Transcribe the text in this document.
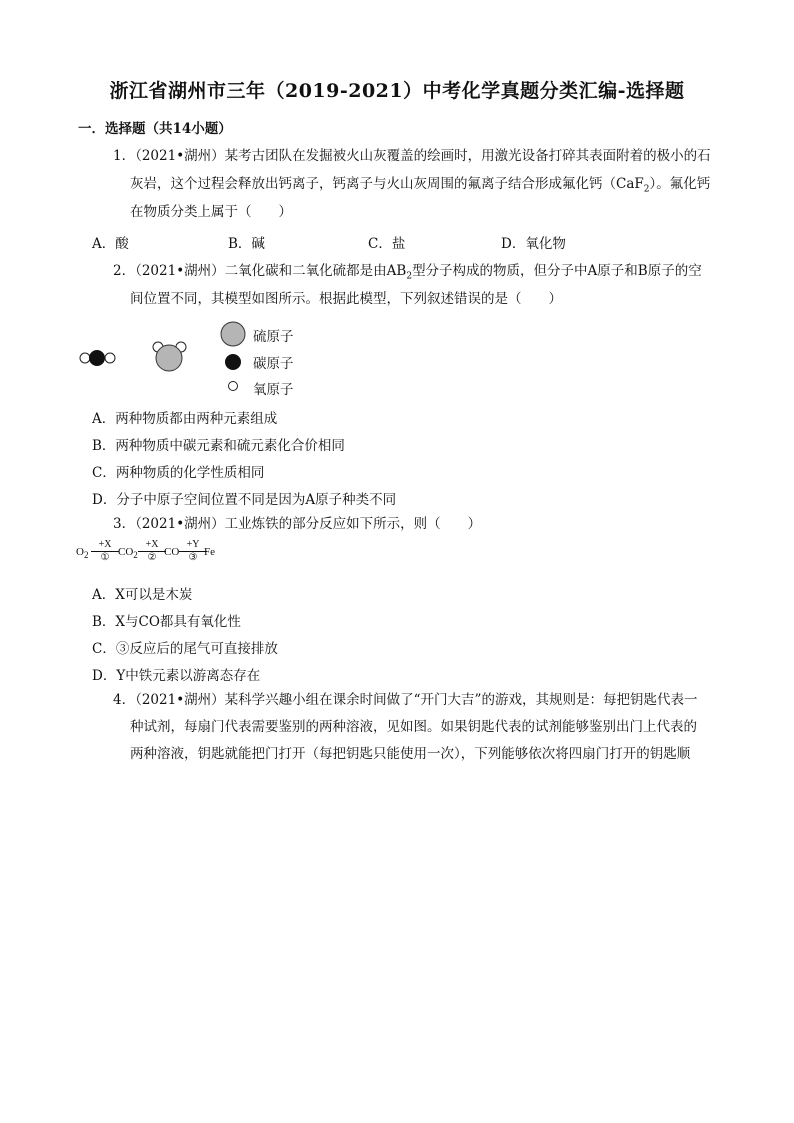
浙江省湖州市三年（2019-2021）中考化学真题分类汇编-选择题
一．选择题（共14小题）
1．（2021•湖州）某考古团队在发掘被火山灰覆盖的绘画时，用激光设备打碎其表面附着的极小的石
灰岩，这个过程会释放出钙离子，钙离子与火山灰周围的氟离子结合形成氟化钙（CaF$_2$）。氟化钙
在物质分类上属于（　　）
A．酸	B．碱	C．盐	D．氧化物
2．（2021•湖州）二氧化碳和二氧化硫都是由$AB_2$型分子构成的物质，但分子中A原子和B原子的空
间位置不同，其模型如图所示。根据此模型，下列叙述错误的是（　　）
硫原子
碳原子
氧原子
A．两种物质都由两种元素组成
B．两种物质中碳元素和硫元素化合价相同
C．两种物质的化学性质相同
D．分子中原子空间位置不同是因为A原子种类不同
3．（2021•湖州）工业炼铁的部分反应如下所示，则（　　）
$O_2$
+X
① $CO_2$
+X
② CO
+Y
③ Fe
A．X可以是木炭
B．X与CO都具有氧化性
C．③反应后的尾气可直接排放
D．Y中铁元素以游离态存在
4．（2021•湖州）某科学兴趣小组在课余时间做了“开门大吉”的游戏，其规则是：每把钥匙代表一
种试剂，每扇门代表需要鉴别的两种溶液，见如图。如果钥匙代表的试剂能够鉴别出门上代表的
两种溶液，钥匙就能把门打开（每把钥匙只能使用一次），下列能够依次将四扇门打开的钥匙顺
